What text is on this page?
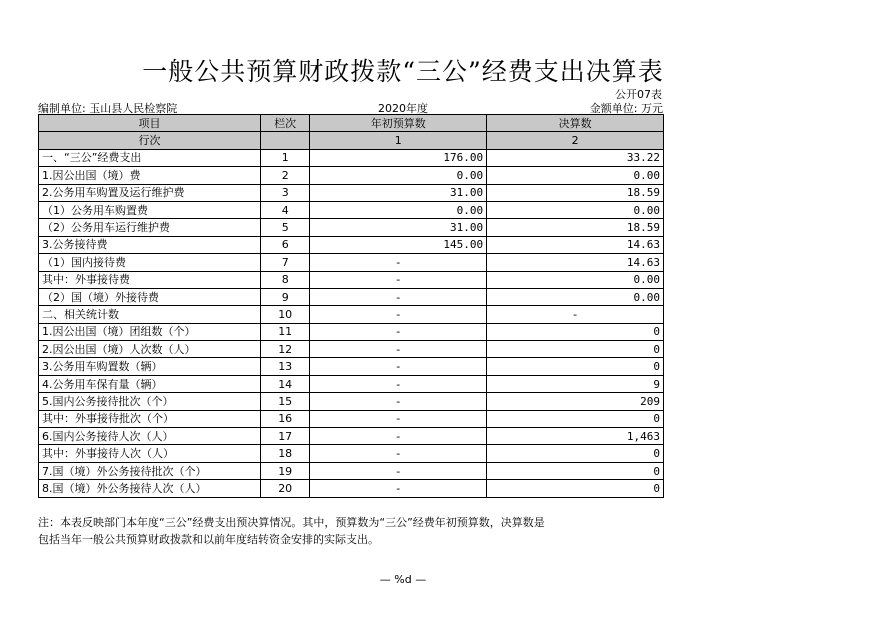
一般公共预算财政拨款“三公”经费支出决算表
公开07表
编制单位: 玉山县人民检察院	2020年度	金额单位: 万元
项目	栏次	年初预算数	决算数
行次		1	2
一、“三公”经费支出	1	176.00	33.22
1.因公出国（境）费	2	0.00	0.00
2.公务用车购置及运行维护费	3	31.00	18.59
（1）公务用车购置费	4	0.00	0.00
（2）公务用车运行维护费	5	31.00	18.59
3.公务接待费	6	145.00	14.63
（1）国内接待费	7	-	14.63
其中：外事接待费	8	-	0.00
（2）国（境）外接待费	9	-	0.00
二、相关统计数	10	-	-
1.因公出国（境）团组数（个）	11	-	0
2.因公出国（境）人次数（人）	12	-	0
3.公务用车购置数（辆）	13	-	0
4.公务用车保有量（辆）	14	-	9
5.国内公务接待批次（个）	15	-	209
其中：外事接待批次（个）	16	-	0
6.国内公务接待人次（人）	17	-	1,463
其中：外事接待人次（人）	18	-	0
7.国（境）外公务接待批次（个）	19	-	0
8.国（境）外公务接待人次（人）	20	-	0
注：本表反映部门本年度“三公”经费支出预决算情况。其中，预算数为“三公”经费年初预算数，决算数是
包括当年一般公共预算财政拨款和以前年度结转资金安排的实际支出。
— %d —
